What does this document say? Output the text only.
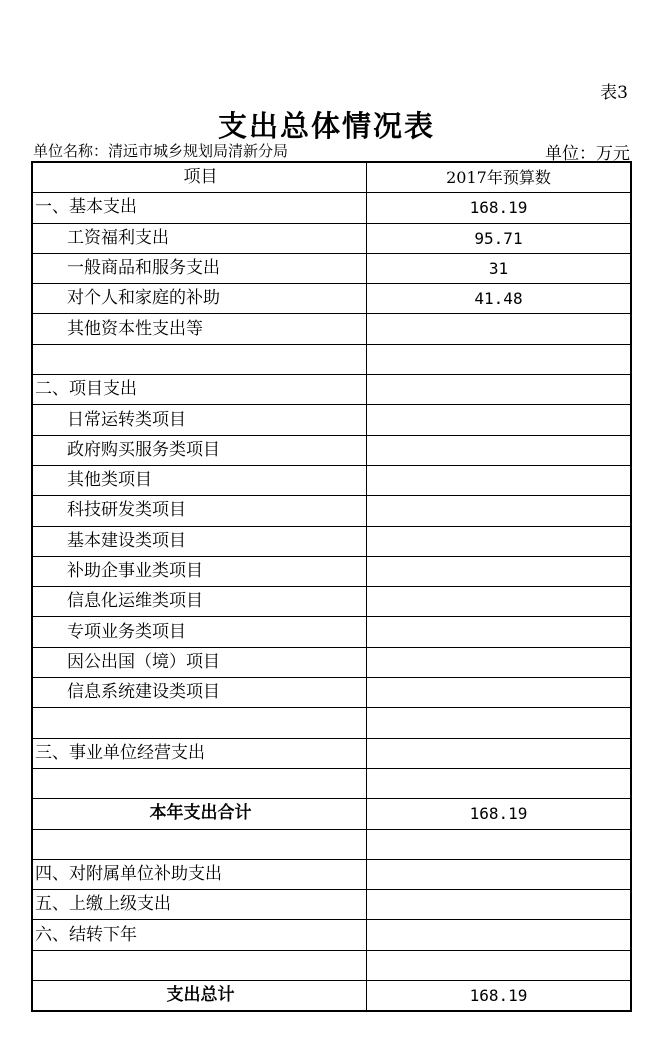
表3
支出总体情况表
单位名称：清远市城乡规划局清新分局	单位：万元
项目	2017年预算数
一、基本支出	168.19
工资福利支出	95.71
一般商品和服务支出	31
对个人和家庭的补助	41.48
其他资本性支出等	

二、项目支出	
日常运转类项目	
政府购买服务类项目	
其他类项目	
科技研发类项目	
基本建设类项目	
补助企事业类项目	
信息化运维类项目	
专项业务类项目	
因公出国（境）项目	
信息系统建设类项目	

三、事业单位经营支出	

本年支出合计	168.19

四、对附属单位补助支出	
五、上缴上级支出	
六、结转下年	

支出总计	168.19
